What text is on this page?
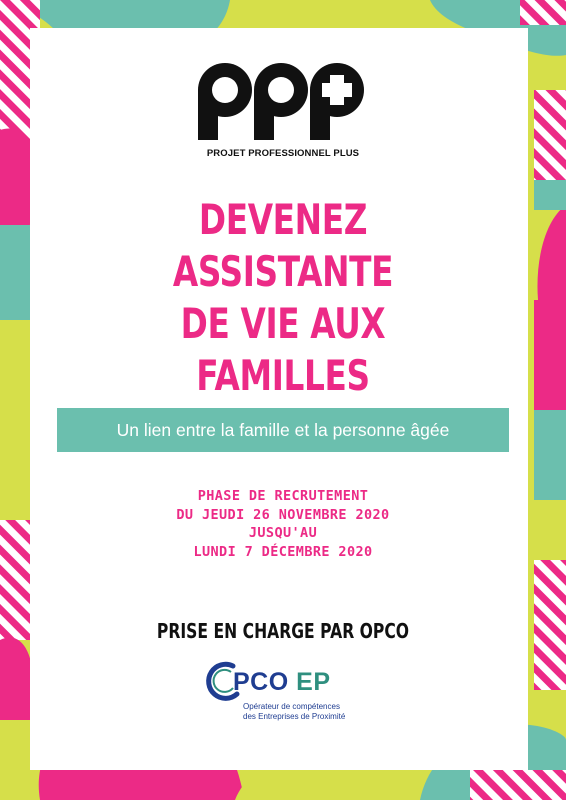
PROJET PROFESSIONNEL PLUS
DEVENEZ
ASSISTANTE
DE VIE AUX
FAMILLES
Un lien entre la famille et la personne âgée
PHASE DE RECRUTEMENT
DU JEUDI 26 NOVEMBRE 2020
JUSQU'AU
LUNDI 7 DÉCEMBRE 2020
PRISE EN CHARGE PAR OPCO
PCO EP
Opérateur de compétences
des Entreprises de Proximité
